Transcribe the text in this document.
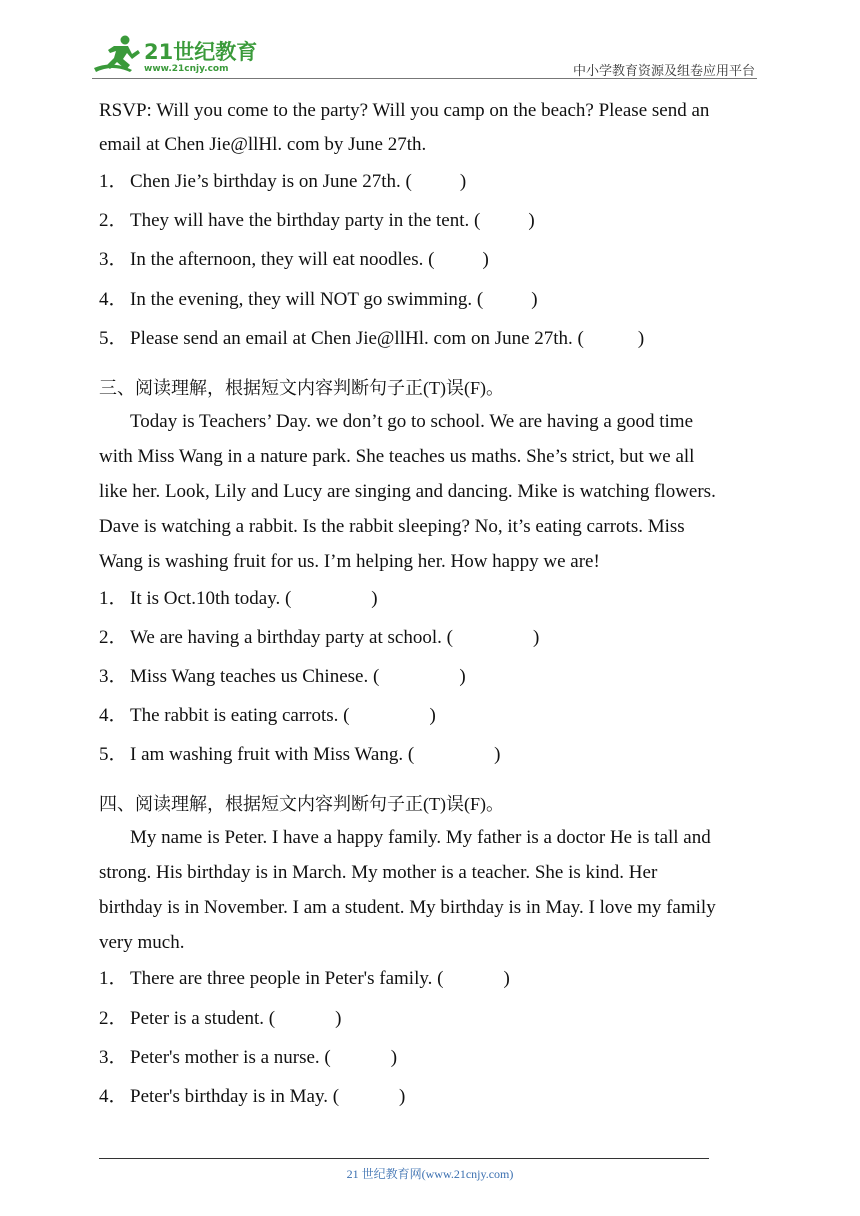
21世纪教育
www.21cnjy.com	中小学教育资源及组卷应用平台
RSVP: Will you come to the party? Will you camp on the beach? Please send an
email at Chen Jie@llHl. com by June 27th.
1． Chen Jie’s birthday is on June 27th. (	)
2． They will have the birthday party in the tent. (	)
3． In the afternoon, they will eat noodles. (	)
4． In the evening, they will NOT go swimming. (	)
5． Please send an email at Chen Jie@llHl. com on June 27th. (	)
三、阅读理解，根据短文内容判断句子正(T)误(F)。
Today is Teachers’ Day. we don’t go to school. We are having a good time
with Miss Wang in a nature park. She teaches us maths. She’s strict, but we all
like her. Look, Lily and Lucy are singing and dancing. Mike is watching flowers.
Dave is watching a rabbit. Is the rabbit sleeping? No, it’s eating carrots. Miss
Wang is washing fruit for us. I’m helping her. How happy we are!
1． It is Oct.10th today. (	)
2． We are having a birthday party at school. (	)
3． Miss Wang teaches us Chinese. (	)
4． The rabbit is eating carrots. (	)
5． I am washing fruit with Miss Wang. (	)
四、阅读理解，根据短文内容判断句子正(T)误(F)。
My name is Peter. I have a happy family. My father is a doctor He is tall and
strong. His birthday is in March. My mother is a teacher. She is kind. Her
birthday is in November. I am a student. My birthday is in May. I love my family
very much.
1． There are three people in Peter's family. (	)
2． Peter is a student. (	)
3． Peter's mother is a nurse. (	)
4． Peter's birthday is in May. (	)
21 世纪教育网(www.21cnjy.com)
